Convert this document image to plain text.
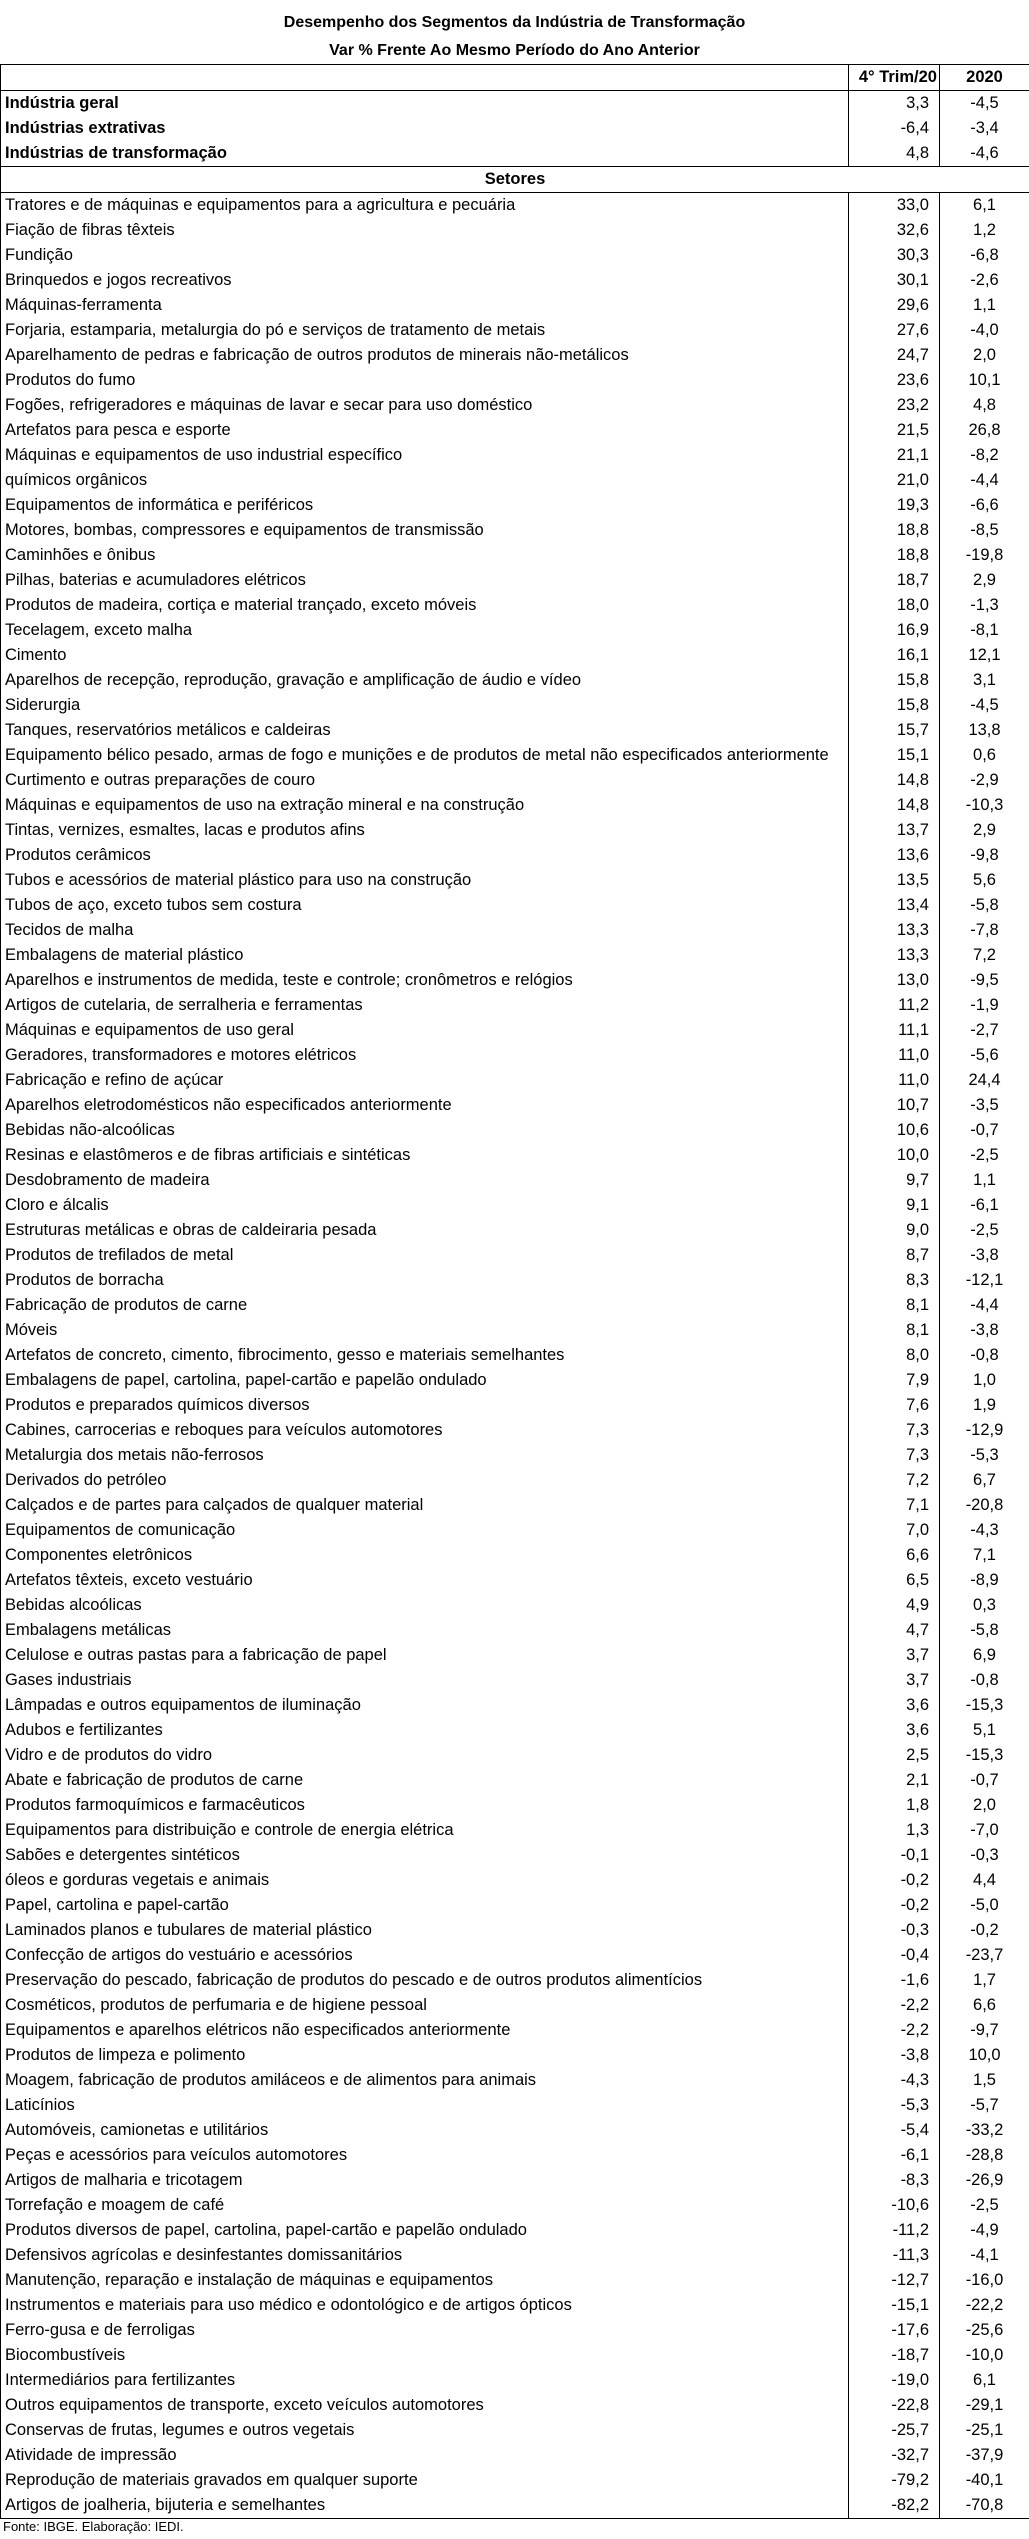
Desempenho dos Segmentos da Indústria de Transformação
Var % Frente Ao Mesmo Período do Ano Anterior
	4° Trim/20	2020
Indústria geral	3,3	-4,5
Indústrias extrativas	-6,4	-3,4
Indústrias de transformação	4,8	-4,6
Setores		
Tratores e de máquinas e equipamentos para a agricultura e pecuária	33,0	6,1
Fiação de fibras têxteis	32,6	1,2
Fundição	30,3	-6,8
Brinquedos e jogos recreativos	30,1	-2,6
Máquinas-ferramenta	29,6	1,1
Forjaria, estamparia, metalurgia do pó e serviços de tratamento de metais	27,6	-4,0
Aparelhamento de pedras e fabricação de outros produtos de minerais não-metálicos	24,7	2,0
Produtos do fumo	23,6	10,1
Fogões, refrigeradores e máquinas de lavar e secar para uso doméstico	23,2	4,8
Artefatos para pesca e esporte	21,5	26,8
Máquinas e equipamentos de uso industrial específico	21,1	-8,2
químicos orgânicos	21,0	-4,4
Equipamentos de informática e periféricos	19,3	-6,6
Motores, bombas, compressores e equipamentos de transmissão	18,8	-8,5
Caminhões e ônibus	18,8	-19,8
Pilhas, baterias e acumuladores elétricos	18,7	2,9
Produtos de madeira, cortiça e material trançado, exceto móveis	18,0	-1,3
Tecelagem, exceto malha	16,9	-8,1
Cimento	16,1	12,1
Aparelhos de recepção, reprodução, gravação e amplificação de áudio e vídeo	15,8	3,1
Siderurgia	15,8	-4,5
Tanques, reservatórios metálicos e caldeiras	15,7	13,8
Equipamento bélico pesado, armas de fogo e munições e de produtos de metal não especificados anteriormente	15,1	0,6
Curtimento e outras preparações de couro	14,8	-2,9
Máquinas e equipamentos de uso na extração mineral e na construção	14,8	-10,3
Tintas, vernizes, esmaltes, lacas e produtos afins	13,7	2,9
Produtos cerâmicos	13,6	-9,8
Tubos e acessórios de material plástico para uso na construção	13,5	5,6
Tubos de aço, exceto tubos sem costura	13,4	-5,8
Tecidos de malha	13,3	-7,8
Embalagens de material plástico	13,3	7,2
Aparelhos e instrumentos de medida, teste e controle; cronômetros e relógios	13,0	-9,5
Artigos de cutelaria, de serralheria e ferramentas	11,2	-1,9
Máquinas e equipamentos de uso geral	11,1	-2,7
Geradores, transformadores e motores elétricos	11,0	-5,6
Fabricação e refino de açúcar	11,0	24,4
Aparelhos eletrodomésticos não especificados anteriormente	10,7	-3,5
Bebidas não-alcoólicas	10,6	-0,7
Resinas e elastômeros e de fibras artificiais e sintéticas	10,0	-2,5
Desdobramento de madeira	9,7	1,1
Cloro e álcalis	9,1	-6,1
Estruturas metálicas e obras de caldeiraria pesada	9,0	-2,5
Produtos de trefilados de metal	8,7	-3,8
Produtos de borracha	8,3	-12,1
Fabricação de produtos de carne	8,1	-4,4
Móveis	8,1	-3,8
Artefatos de concreto, cimento, fibrocimento, gesso e materiais semelhantes	8,0	-0,8
Embalagens de papel, cartolina, papel-cartão e papelão ondulado	7,9	1,0
Produtos e preparados químicos diversos	7,6	1,9
Cabines, carrocerias e reboques para veículos automotores	7,3	-12,9
Metalurgia dos metais não-ferrosos	7,3	-5,3
Derivados do petróleo	7,2	6,7
Calçados e de partes para calçados de qualquer material	7,1	-20,8
Equipamentos de comunicação	7,0	-4,3
Componentes eletrônicos	6,6	7,1
Artefatos têxteis, exceto vestuário	6,5	-8,9
Bebidas alcoólicas	4,9	0,3
Embalagens metálicas	4,7	-5,8
Celulose e outras pastas para a fabricação de papel	3,7	6,9
Gases industriais	3,7	-0,8
Lâmpadas e outros equipamentos de iluminação	3,6	-15,3
Adubos e fertilizantes	3,6	5,1
Vidro e de produtos do vidro	2,5	-15,3
Abate e fabricação de produtos de carne	2,1	-0,7
Produtos farmoquímicos e farmacêuticos	1,8	2,0
Equipamentos para distribuição e controle de energia elétrica	1,3	-7,0
Sabões e detergentes sintéticos	-0,1	-0,3
óleos e gorduras vegetais e animais	-0,2	4,4
Papel, cartolina e papel-cartão	-0,2	-5,0
Laminados planos e tubulares de material plástico	-0,3	-0,2
Confecção de artigos do vestuário e acessórios	-0,4	-23,7
Preservação do pescado, fabricação de produtos do pescado e de outros produtos alimentícios	-1,6	1,7
Cosméticos, produtos de perfumaria e de higiene pessoal	-2,2	6,6
Equipamentos e aparelhos elétricos não especificados anteriormente	-2,2	-9,7
Produtos de limpeza e polimento	-3,8	10,0
Moagem, fabricação de produtos amiláceos e de alimentos para animais	-4,3	1,5
Laticínios	-5,3	-5,7
Automóveis, camionetas e utilitários	-5,4	-33,2
Peças e acessórios para veículos automotores	-6,1	-28,8
Artigos de malharia e tricotagem	-8,3	-26,9
Torrefação e moagem de café	-10,6	-2,5
Produtos diversos de papel, cartolina, papel-cartão e papelão ondulado	-11,2	-4,9
Defensivos agrícolas e desinfestantes domissanitários	-11,3	-4,1
Manutenção, reparação e instalação de máquinas e equipamentos	-12,7	-16,0
Instrumentos e materiais para uso médico e odontológico e de artigos ópticos	-15,1	-22,2
Ferro-gusa e de ferroligas	-17,6	-25,6
Biocombustíveis	-18,7	-10,0
Intermediários para fertilizantes	-19,0	6,1
Outros equipamentos de transporte, exceto veículos automotores	-22,8	-29,1
Conservas de frutas, legumes e outros vegetais	-25,7	-25,1
Atividade de impressão	-32,7	-37,9
Reprodução de materiais gravados em qualquer suporte	-79,2	-40,1
Artigos de joalheria, bijuteria e semelhantes	-82,2	-70,8
Fonte: IBGE. Elaboração: IEDI.
